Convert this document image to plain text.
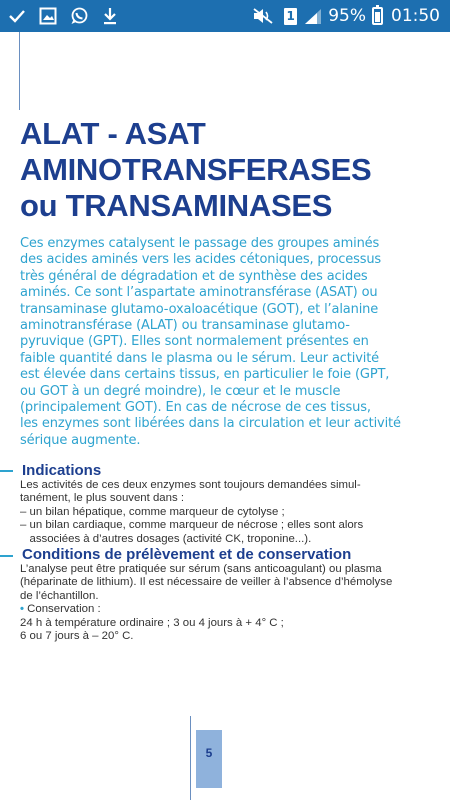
1 95% 01:50
ALAT - ASAT
AMINOTRANSFERASES
ou TRANSAMINASES
Ces enzymes catalysent le passage des groupes aminés
des acides aminés vers les acides cétoniques, processus
très général de dégradation et de synthèse des acides
aminés. Ce sont l’aspartate aminotransférase (ASAT) ou
transaminase glutamo-oxaloacétique (GOT), et l’alanine
aminotransférase (ALAT) ou transaminase glutamo-
pyruvique (GPT). Elles sont normalement présentes en
faible quantité dans le plasma ou le sérum. Leur activité
est élevée dans certains tissus, en particulier le foie (GPT,
ou GOT à un degré moindre), le cœur et le muscle
(principalement GOT). En cas de nécrose de ces tissus,
les enzymes sont libérées dans la circulation et leur activité
sérique augmente.
Indications

Les activités de ces deux enzymes sont toujours demandées simul-

tanément, le plus souvent dans :

– un bilan hépatique, comme marqueur de cytolyse ;

– un bilan cardiaque, comme marqueur de nécrose ; elles sont alors

associées à d’autres dosages (activité CK, troponine...).

Conditions de prélèvement et de conservation

L’analyse peut être pratiquée sur sérum (sans anticoagulant) ou plasma

(héparinate de lithium). Il est nécessaire de veiller à l’absence d’hémolyse

de l’échantillon.

• Conservation :

24 h à température ordinaire ; 3 ou 4 jours à + 4° C ;

6 ou 7 jours à – 20° C.

5
